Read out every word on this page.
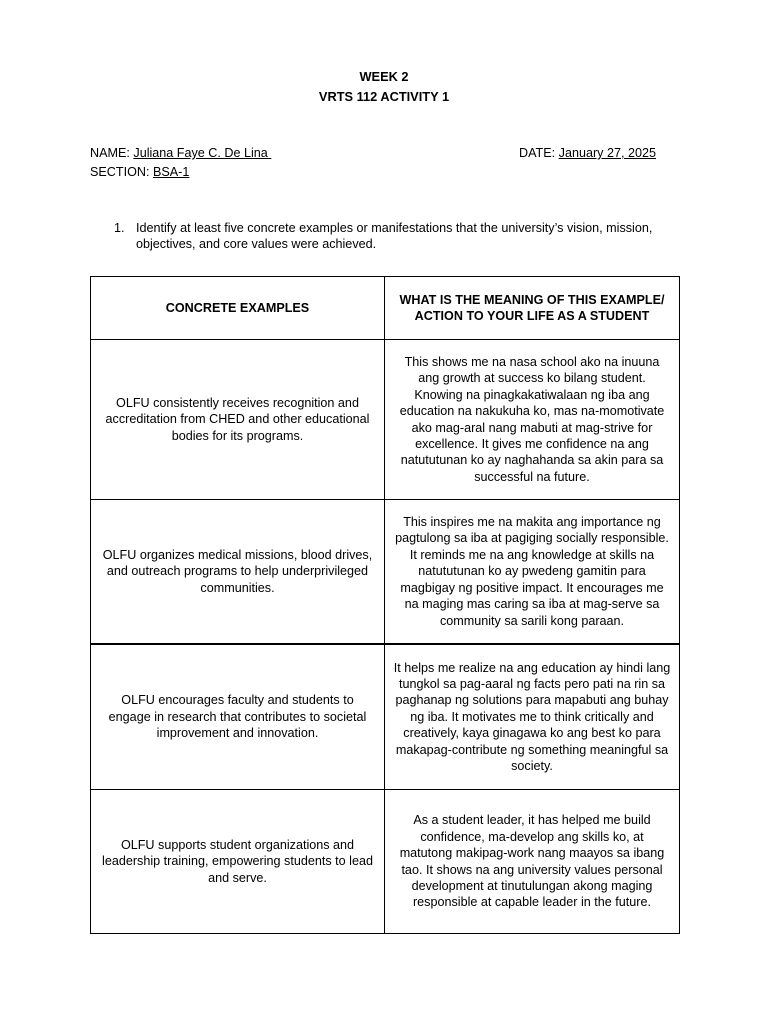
WEEK 2
VRTS 112 ACTIVITY 1
NAME: Juliana Faye C. De Lina	DATE: January 27, 2025
SECTION: BSA-1
1. Identify at least five concrete examples or manifestations that the university’s vision, mission, objectives, and core values were achieved.
CONCRETE EXAMPLES	WHAT IS THE MEANING OF THIS EXAMPLE/ ACTION TO YOUR LIFE AS A STUDENT
OLFU consistently receives recognition and accreditation from CHED and other educational bodies for its programs.	This shows me na nasa school ako na inuuna ang growth at success ko bilang student. Knowing na pinagkakatiwalaan ng iba ang education na nakukuha ko, mas na-momotivate ako mag-aral nang mabuti at mag-strive for excellence. It gives me confidence na ang natututunan ko ay naghahanda sa akin para sa successful na future.
OLFU organizes medical missions, blood drives, and outreach programs to help underprivileged communities.	This inspires me na makita ang importance ng pagtulong sa iba at pagiging socially responsible. It reminds me na ang knowledge at skills na natututunan ko ay pwedeng gamitin para magbigay ng positive impact. It encourages me na maging mas caring sa iba at mag-serve sa community sa sarili kong paraan.
OLFU encourages faculty and students to engage in research that contributes to societal improvement and innovation.	It helps me realize na ang education ay hindi lang tungkol sa pag-aaral ng facts pero pati na rin sa paghanap ng solutions para mapabuti ang buhay ng iba. It motivates me to think critically and creatively, kaya ginagawa ko ang best ko para makapag-contribute ng something meaningful sa society.
OLFU supports student organizations and leadership training, empowering students to lead and serve.	As a student leader, it has helped me build confidence, ma-develop ang skills ko, at matutong makipag-work nang maayos sa ibang tao. It shows na ang university values personal development at tinutulungan akong maging responsible at capable leader in the future.
